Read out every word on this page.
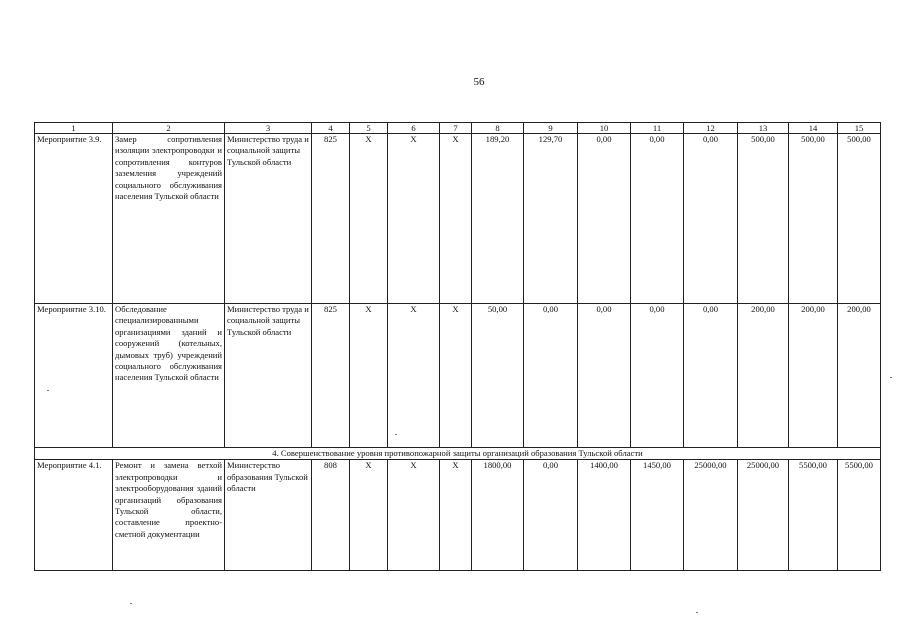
56
1	2	3	4	5	6	7	8	9	10	11	12	13	14	15
Мероприятие 3.9.	Замер сопротивления изоляции электропроводки и сопротивления контуров заземления учреждений социального обслуживания населения Тульской области	Министерство труда и социальной защиты Тульской области	825	X	X	X	189,20	129,70	0,00	0,00	0,00	500,00	500,00	500,00
Мероприятие 3.10.	Обследование специализированными организациями зданий и сооружений (котельных, дымовых труб) учреждений социального обслуживания населения Тульской области	Министерство труда и социальной защиты Тульской области	825	X	X	X	50,00	0,00	0,00	0,00	0,00	200,00	200,00	200,00
4. Совершенствование уровня противопожарной защиты организаций образования Тульской области														
Мероприятие 4.1.	Ремонт и замена ветхой электропроводки и электрооборудования зданий организаций образования Тульской области, составление проектно-сметной документации	Министерство образования Тульской области	808	X	X	X	1800,00	0,00	1400,00	1450,00	25000,00	25000,00	5500,00	5500,00
